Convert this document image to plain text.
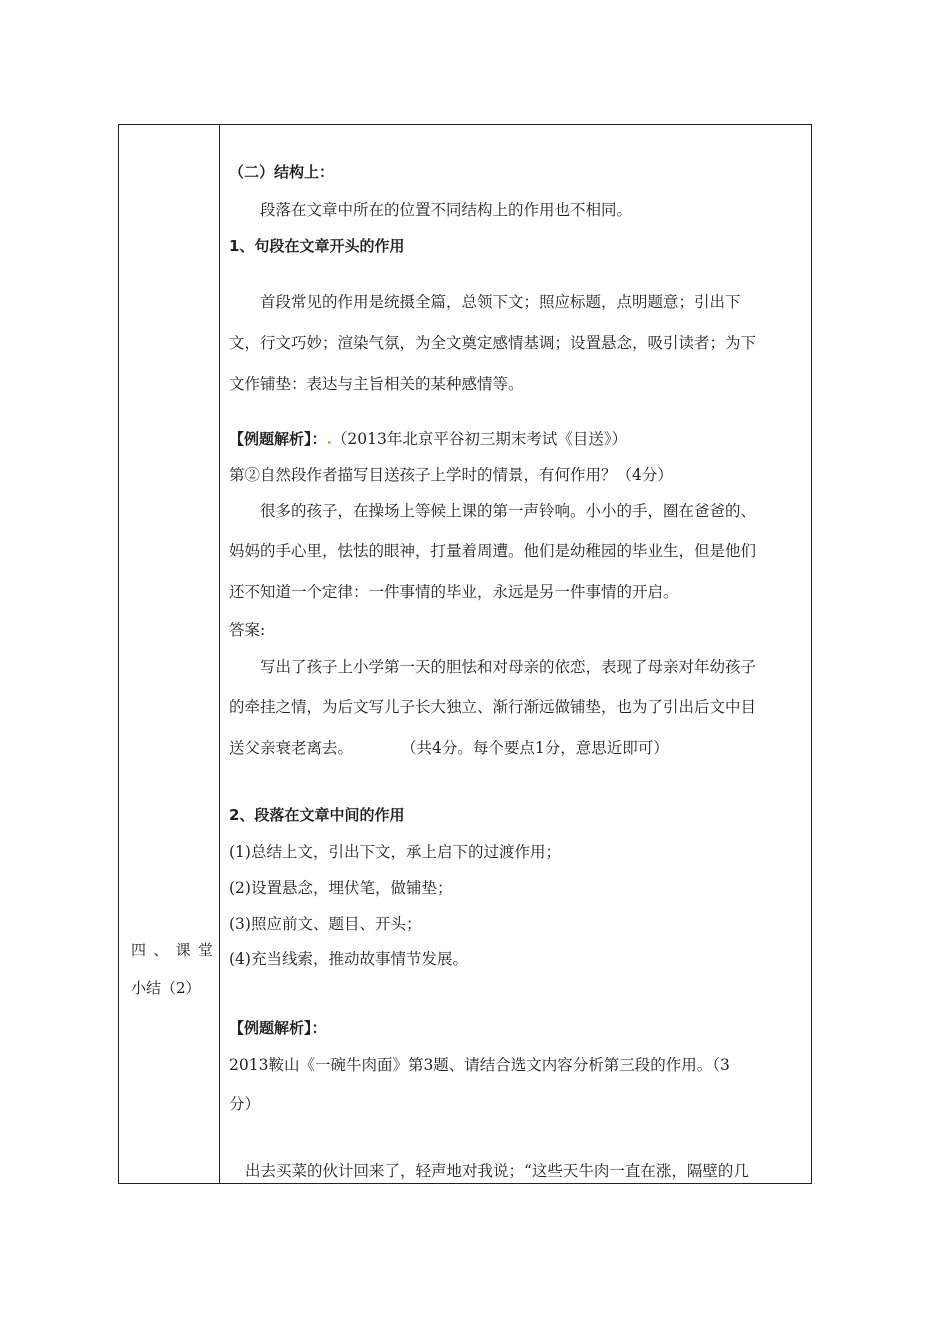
四、课堂
小结（2）
（二）结构上：
段落在文章中所在的位置不同结构上的作用也不相同。
1、句段在文章开头的作用
首段常见的作用是统摄全篇，总领下文；照应标题，点明题意；引出下
文，行文巧妙；渲染气氛，为全文奠定感情基调；设置悬念，吸引读者；为下
文作铺垫：表达与主旨相关的某种感情等。
【例题解析】：.（2013年北京平谷初三期末考试《目送》）
第②自然段作者描写目送孩子上学时的情景，有何作用？（4分）
很多的孩子，在操场上等候上课的第一声铃响。小小的手，圈在爸爸的、
妈妈的手心里，怯怯的眼神，打量着周遭。他们是幼稚园的毕业生，但是他们
还不知道一个定律：一件事情的毕业，永远是另一件事情的开启。
答案:
写出了孩子上小学第一天的胆怯和对母亲的依恋，表现了母亲对年幼孩子
的牵挂之情，为后文写儿子长大独立、渐行渐远做铺垫，也为了引出后文中目
送父亲衰老离去。	（共4分。每个要点1分，意思近即可）
2、段落在文章中间的作用
(1)总结上文，引出下文，承上启下的过渡作用；
(2)设置悬念，埋伏笔，做铺垫；
(3)照应前文、题目、开头；
(4)充当线索，推动故事情节发展。
【例题解析】：
2013鞍山《一碗牛肉面》第3题、请结合选文内容分析第三段的作用。（3
分）
出去买菜的伙计回来了，轻声地对我说；“这些天牛肉一直在涨，隔壁的几
